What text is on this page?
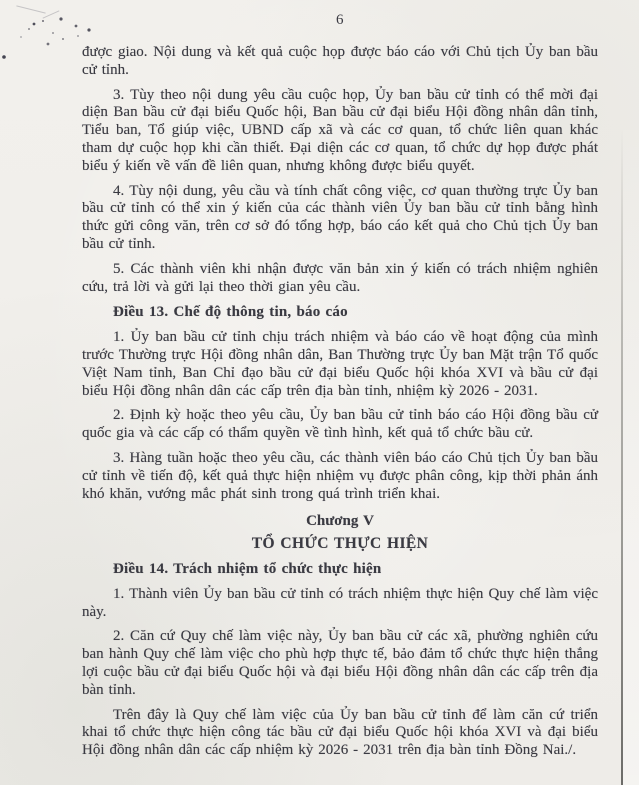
6

được giao. Nội dung và kết quả cuộc họp được báo cáo với Chủ tịch Ủy ban bầu cử tỉnh.

3. Tùy theo nội dung yêu cầu cuộc họp, Ủy ban bầu cử tỉnh có thể mời đại diện Ban bầu cử đại biểu Quốc hội, Ban bầu cử đại biểu Hội đồng nhân dân tỉnh, Tiểu ban, Tổ giúp việc, UBND cấp xã và các cơ quan, tổ chức liên quan khác tham dự cuộc họp khi cần thiết. Đại diện các cơ quan, tổ chức dự họp được phát biểu ý kiến về vấn đề liên quan, nhưng không được biểu quyết.

4. Tùy nội dung, yêu cầu và tính chất công việc, cơ quan thường trực Ủy ban bầu cử tỉnh có thể xin ý kiến của các thành viên Ủy ban bầu cử tỉnh bằng hình thức gửi công văn, trên cơ sở đó tổng hợp, báo cáo kết quả cho Chủ tịch Ủy ban bầu cử tỉnh.

5. Các thành viên khi nhận được văn bản xin ý kiến có trách nhiệm nghiên cứu, trả lời và gửi lại theo thời gian yêu cầu.

Điều 13. Chế độ thông tin, báo cáo

1. Ủy ban bầu cử tỉnh chịu trách nhiệm và báo cáo về hoạt động của mình trước Thường trực Hội đồng nhân dân, Ban Thường trực Ủy ban Mặt trận Tổ quốc Việt Nam tỉnh, Ban Chỉ đạo bầu cử đại biểu Quốc hội khóa XVI và bầu cử đại biểu Hội đồng nhân dân các cấp trên địa bàn tỉnh, nhiệm kỳ 2026 - 2031.

2. Định kỳ hoặc theo yêu cầu, Ủy ban bầu cử tỉnh báo cáo Hội đồng bầu cử quốc gia và các cấp có thẩm quyền về tình hình, kết quả tổ chức bầu cử.

3. Hàng tuần hoặc theo yêu cầu, các thành viên báo cáo Chủ tịch Ủy ban bầu cử tỉnh về tiến độ, kết quả thực hiện nhiệm vụ được phân công, kịp thời phản ánh khó khăn, vướng mắc phát sinh trong quá trình triển khai.

Chương V

TỔ CHỨC THỰC HIỆN

Điều 14. Trách nhiệm tổ chức thực hiện

1. Thành viên Ủy ban bầu cử tỉnh có trách nhiệm thực hiện Quy chế làm việc này.

2. Căn cứ Quy chế làm việc này, Ủy ban bầu cử các xã, phường nghiên cứu ban hành Quy chế làm việc cho phù hợp thực tế, bảo đảm tổ chức thực hiện thắng lợi cuộc bầu cử đại biểu Quốc hội và đại biểu Hội đồng nhân dân các cấp trên địa bàn tỉnh.

Trên đây là Quy chế làm việc của Ủy ban bầu cử tỉnh để làm căn cứ triển khai tổ chức thực hiện công tác bầu cử đại biểu Quốc hội khóa XVI và đại biểu Hội đồng nhân dân các cấp nhiệm kỳ 2026 - 2031 trên địa bàn tỉnh Đồng Nai./.
